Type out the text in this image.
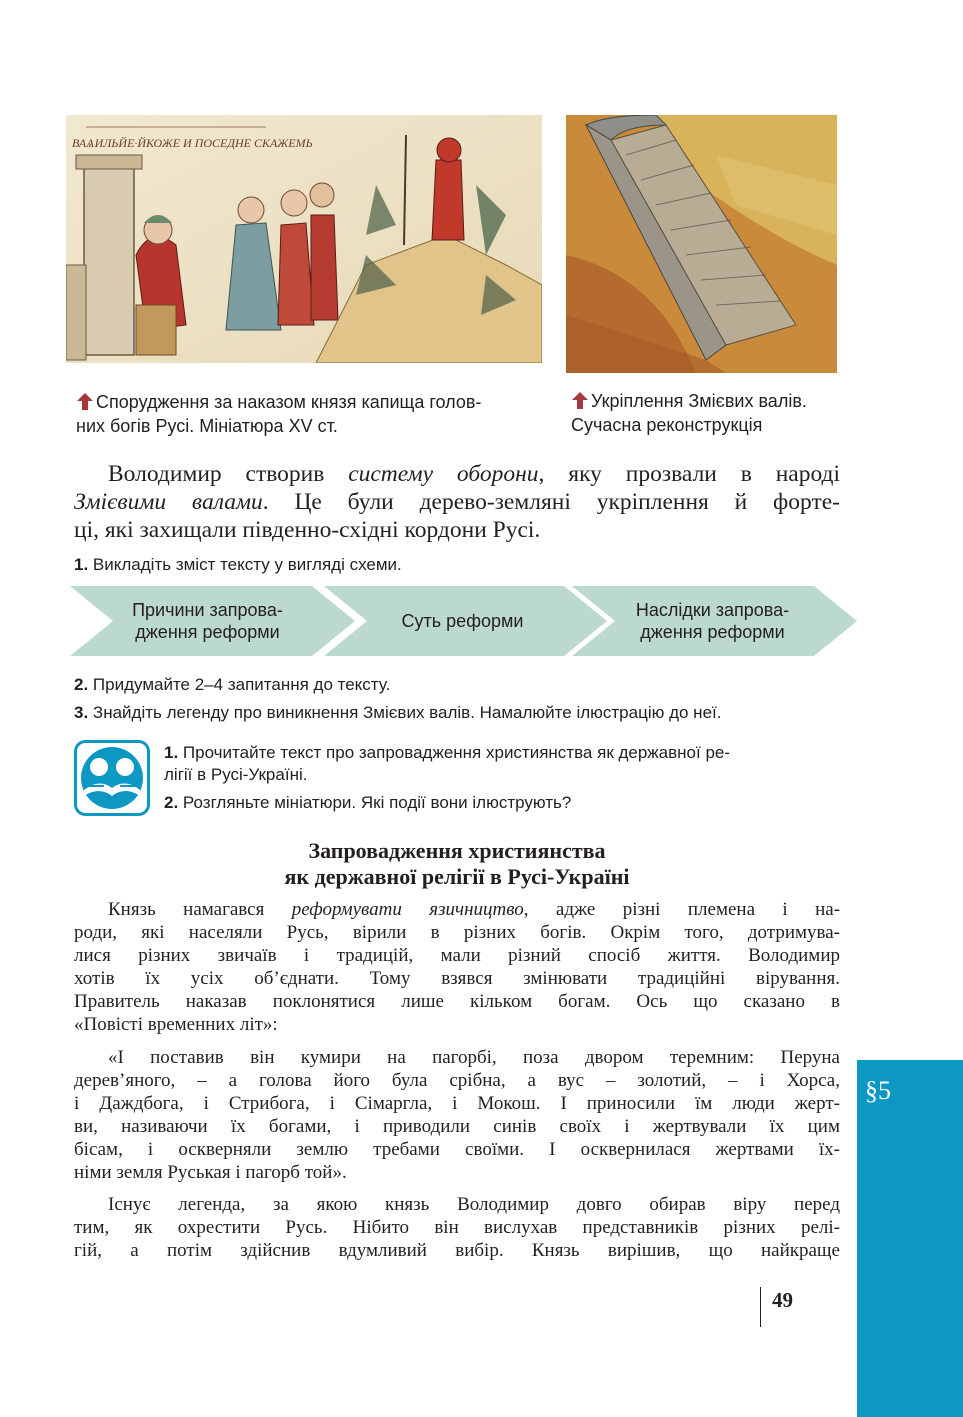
ВАѦИЛЬЙЕ·ЙКОЖЕ И ПОСЕДНЕ СКАЖЕМЬ
Спорудження за наказом князя капища голов-
них богів Русі. Мініатюра XV ст.
Укріплення Змієвих валів.
Сучасна реконструкція
Володимир створив систему оборони, яку прозвали в народі
Змієвими валами. Це були дерево-земляні укріплення й форте-
ці, які захищали південно-східні кордони Русі.
1. Викладіть зміст тексту у вигляді схеми.
Причини запрова-
дження реформи
Суть реформи
Наслідки запрова-
дження реформи
2. Придумайте 2–4 запитання до тексту.
3. Знайдіть легенду про виникнення Змієвих валів. Намалюйте ілюстрацію до неї.
1. Прочитайте текст про запровадження християнства як державної ре-
лігії в Русі-Україні.
2. Розгляньте мініатюри. Які події вони ілюструють?
Запровадження християнства
як державної релігії в Русі-Україні
Князь намагався реформувати язичництво, адже різні племена і на-
роди, які населяли Русь, вірили в різних богів. Окрім того, дотримува-
лися різних звичаїв і традицій, мали різний спосіб життя. Володимир
хотів їх усіх об’єднати. Тому взявся змінювати традиційні вірування.
Правитель наказав поклонятися лише кільком богам. Ось що сказано в
«Повісті временних літ»:
«І поставив він кумири на пагорбі, поза двором теремним: Перуна
дерев’яного, – а голова його була срібна, а вус – золотий, – і Хорса,
і Даждбога, і Стрибога, і Сімаргла, і Мокош. І приносили їм люди жерт-
ви, називаючи їх богами, і приводили синів своїх і жертвували їх цим
бісам, і оскверняли землю требами своїми. І осквернилася жертвами їх-
німи земля Руськая і пагорб той».
Існує легенда, за якою князь Володимир довго обирав віру перед
тим, як охрестити Русь. Нібито він вислухав представників різних релі-
гій, а потім здійснив вдумливий вибір. Князь вирішив, що найкраще
49
§5
